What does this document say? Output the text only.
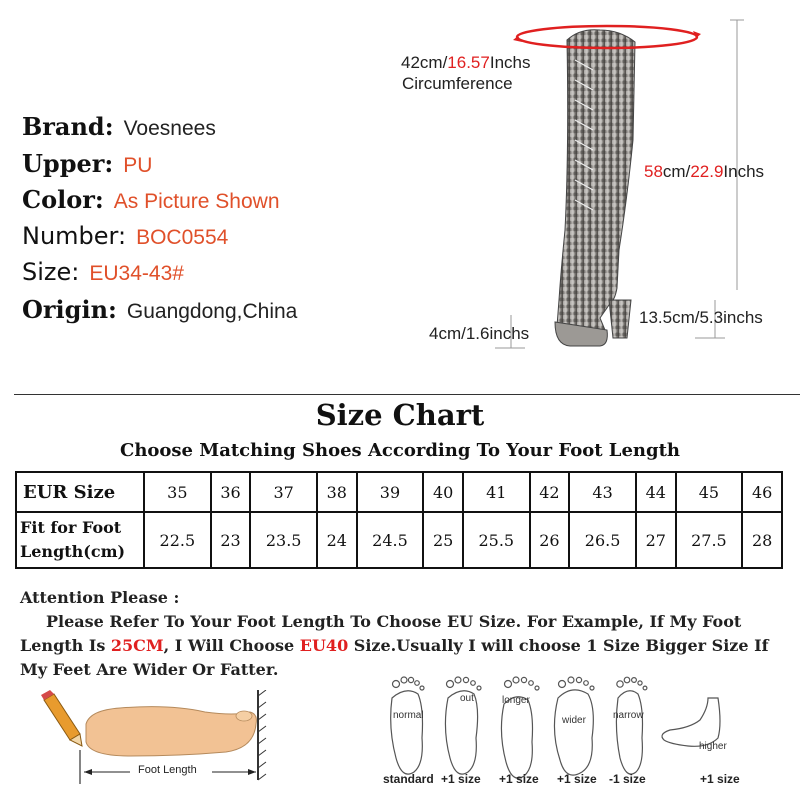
Brand: Voesnees
Upper: PU
Color: As Picture Shown
Number: BOC0554
Size: EU34-43#
Origin: Guangdong,China
42cm/16.57Inchs
Circumference
58cm/22.9Inchs
13.5cm/5.3inchs
4cm/1.6inchs
Size Chart
Choose Matching Shoes According To Your Foot Length
EUR Size	35	36	37	38	39	40	41	42	43	44	45	46
Fit for Foot
Length(cm)	22.5	23	23.5	24	24.5	25	25.5	26	26.5	27	27.5	28
Attention Please :
Please Refer To Your Foot Length To Choose EU Size. For Example, If My Foot
Length Is 25CM, I Will Choose EU40 Size.Usually I will choose 1 Size Bigger Size If
My Feet Are Wider Or Fatter.
Foot Length
normal
out	longer
wider	narrow
higher
standard +1 size +1 size +1 size -1 size	+1 size
